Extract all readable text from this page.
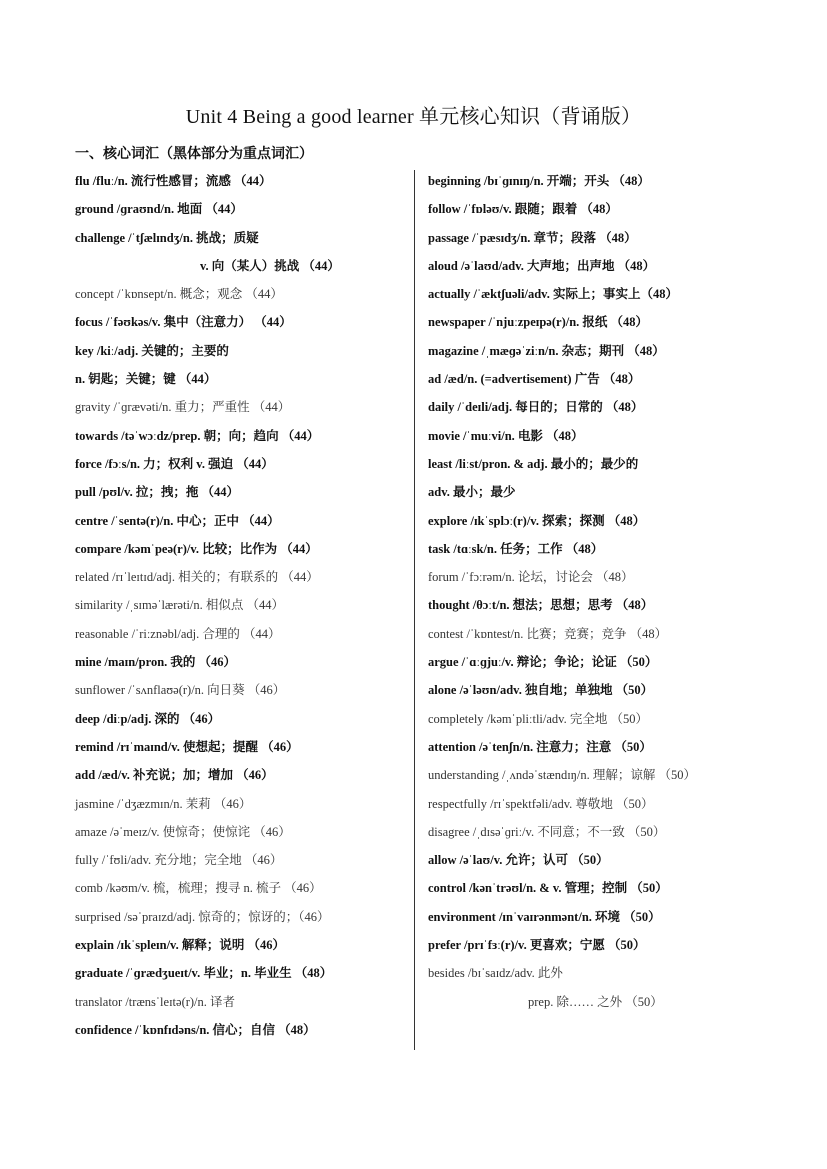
Unit 4 Being a good learner 单元核心知识（背诵版）
一、核心词汇（黑体部分为重点词汇）
flu /fluː/n. 流行性感冒；流感 （44）
ground /ɡraʊnd/n. 地面 （44）
challenge /ˈtʃælɪndʒ/n. 挑战；质疑
v. 向（某人）挑战 （44）
concept /ˈkɒnsept/n. 概念；观念 （44）
focus /ˈfəʊkəs/v. 集中（注意力） （44）
key /kiː/adj. 关键的；主要的
n. 钥匙；关键；键 （44）
gravity /ˈɡrævəti/n. 重力；严重性 （44）
towards /təˈwɔːdz/prep. 朝；向；趋向 （44）
force /fɔːs/n. 力；权利 v. 强迫 （44）
pull /pʊl/v. 拉；拽；拖 （44）
centre /ˈsentə(r)/n. 中心；正中 （44）
compare /kəmˈpeə(r)/v. 比较；比作为 （44）
related /rɪˈleɪtɪd/adj. 相关的；有联系的 （44）
similarity /ˌsɪməˈlærəti/n. 相似点 （44）
reasonable /ˈriːznəbl/adj. 合理的 （44）
mine /maɪn/pron. 我的 （46）
sunflower /ˈsʌnflaʊə(r)/n. 向日葵 （46）
deep /diːp/adj. 深的 （46）
remind /rɪˈmaɪnd/v. 使想起；提醒 （46）
add /æd/v. 补充说；加；增加 （46）
jasmine /ˈdʒæzmɪn/n. 茉莉 （46）
amaze /əˈmeɪz/v. 使惊奇；使惊诧 （46）
fully /ˈfʊli/adv. 充分地；完全地 （46）
comb /kəʊm/v. 梳，梳理；搜寻 n. 梳子 （46）
surprised /səˈpraɪzd/adj. 惊奇的；惊讶的；（46）
explain /ɪkˈspleɪn/v. 解释；说明 （46）
graduate /ˈɡrædʒueɪt/v. 毕业；n. 毕业生 （48）
translator /trænsˈleɪtə(r)/n. 译者
confidence /ˈkɒnfɪdəns/n. 信心；自信 （48）
beginning /bɪˈɡɪnɪŋ/n. 开端；开头 （48）
follow /ˈfɒləʊ/v. 跟随；跟着 （48）
passage /ˈpæsɪdʒ/n. 章节；段落 （48）
aloud /əˈlaʊd/adv. 大声地；出声地 （48）
actually /ˈæktʃuəli/adv. 实际上；事实上（48）
newspaper /ˈnjuːzpeɪpə(r)/n. 报纸 （48）
magazine /ˌmæɡəˈziːn/n. 杂志；期刊 （48）
ad /æd/n. (=advertisement) 广告 （48）
daily /ˈdeɪli/adj. 每日的；日常的 （48）
movie /ˈmuːvi/n. 电影 （48）
least /liːst/pron. & adj. 最小的；最少的
adv. 最小；最少
explore /ɪkˈsplɔː(r)/v. 探索；探测 （48）
task /tɑːsk/n. 任务；工作 （48）
forum /ˈfɔːrəm/n. 论坛，讨论会 （48）
thought /θɔːt/n. 想法；思想；思考 （48）
contest /ˈkɒntest/n. 比赛；竞赛；竞争 （48）
argue /ˈɑːɡjuː/v. 辩论；争论；论证 （50）
alone /əˈləʊn/adv. 独自地；单独地 （50）
completely /kəmˈpliːtli/adv. 完全地 （50）
attention /əˈtenʃn/n. 注意力；注意 （50）
understanding /ˌʌndəˈstændɪŋ/n. 理解；谅解 （50）
respectfully /rɪˈspektfəli/adv. 尊敬地 （50）
disagree /ˌdɪsəˈɡriː/v. 不同意；不一致 （50）
allow /əˈlaʊ/v. 允许；认可 （50）
control /kənˈtrəʊl/n. & v. 管理；控制 （50）
environment /ɪnˈvaɪrənmənt/n. 环境 （50）
prefer /prɪˈfɜː(r)/v. 更喜欢；宁愿 （50）
besides /bɪˈsaɪdz/adv. 此外
prep. 除…… 之外 （50）
